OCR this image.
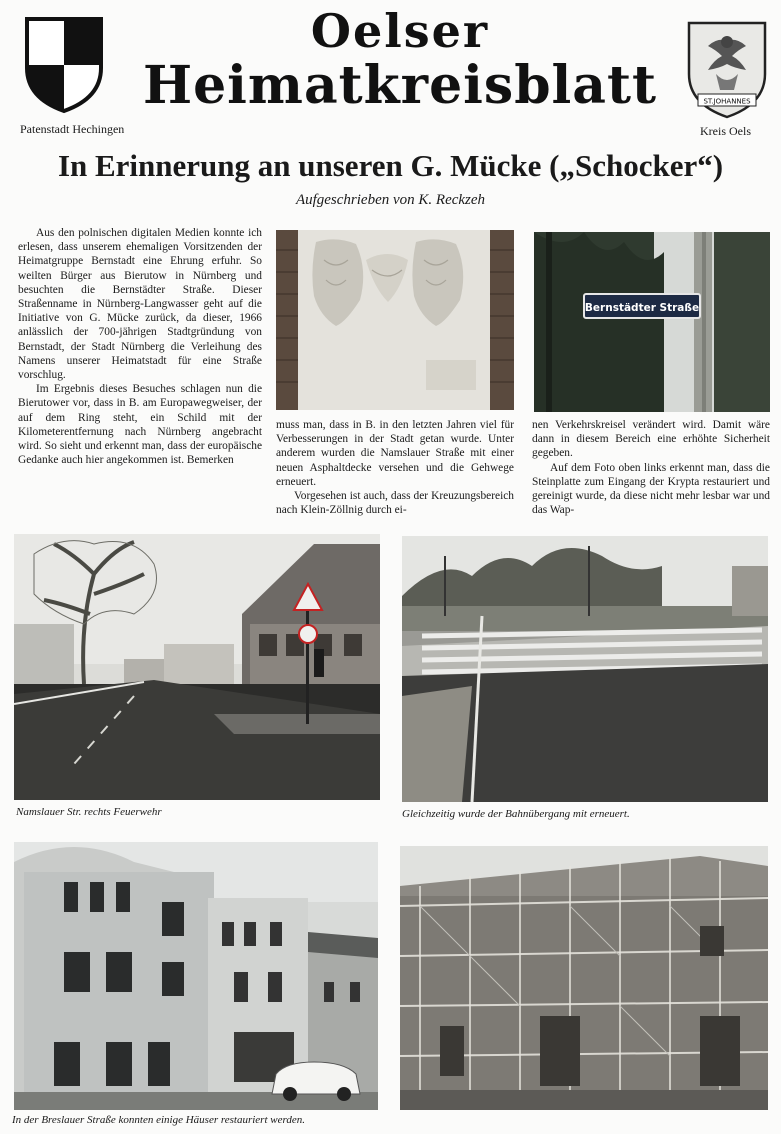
Oelser
Heimatkreisblatt	ST.JOHANNES
Patenstadt Hechingen	Kreis Oels
In Erinnerung an unseren G. Mücke („Schocker“)
Aufgeschrieben von K. Reckzeh

Aus den polnischen digitalen Medien konnte ich erlesen, dass unserem ehemaligen Vorsitzenden der Heimatgruppe Bernstadt eine Ehrung erfuhr. So weilten Bürger aus Bierutow in Nürnberg und besuchten die Bernstädter Straße. Dieser Straßenname in Nürnberg-Langwasser geht auf die Initiative von G. Mücke zurück, da dieser, 1966 anlässlich der 700-jährigen Stadtgründung von Bernstadt, der Stadt Nürnberg die Verleihung des Namens unserer Heimatstadt für eine Straße vorschlug.

Im Ergebnis dieses Besuches schlagen nun die Bierutower vor, dass in B. am Europawegweiser, der auf dem Ring steht, ein Schild mit der Kilometerentfernung nach Nürnberg angebracht wird. So sieht und erkennt man, dass der europäische Gedanke auch hier angekommen ist. Bemerken

Bernstädter Straße

muss man, dass in B. in den letzten Jahren viel für Verbesserungen in der Stadt getan wurde. Unter anderem wurden die Namslauer Straße mit einer neuen Asphaltdecke versehen und die Gehwege erneuert.

Vorgesehen ist auch, dass der Kreuzungsbereich nach Klein-Zöllnig durch ei-

nen Verkehrskreisel verändert wird. Damit wäre dann in diesem Bereich eine erhöhte Sicherheit gegeben.

Auf dem Foto oben links erkennt man, dass die Steinplatte zum Eingang der Krypta restauriert und gereinigt wurde, da diese nicht mehr lesbar war und das Wap-

Namslauer Str. rechts Feuerwehr	Gleichzeitig wurde der Bahnübergang mit erneuert.
In der Breslauer Straße konnten einige Häuser restauriert werden.
